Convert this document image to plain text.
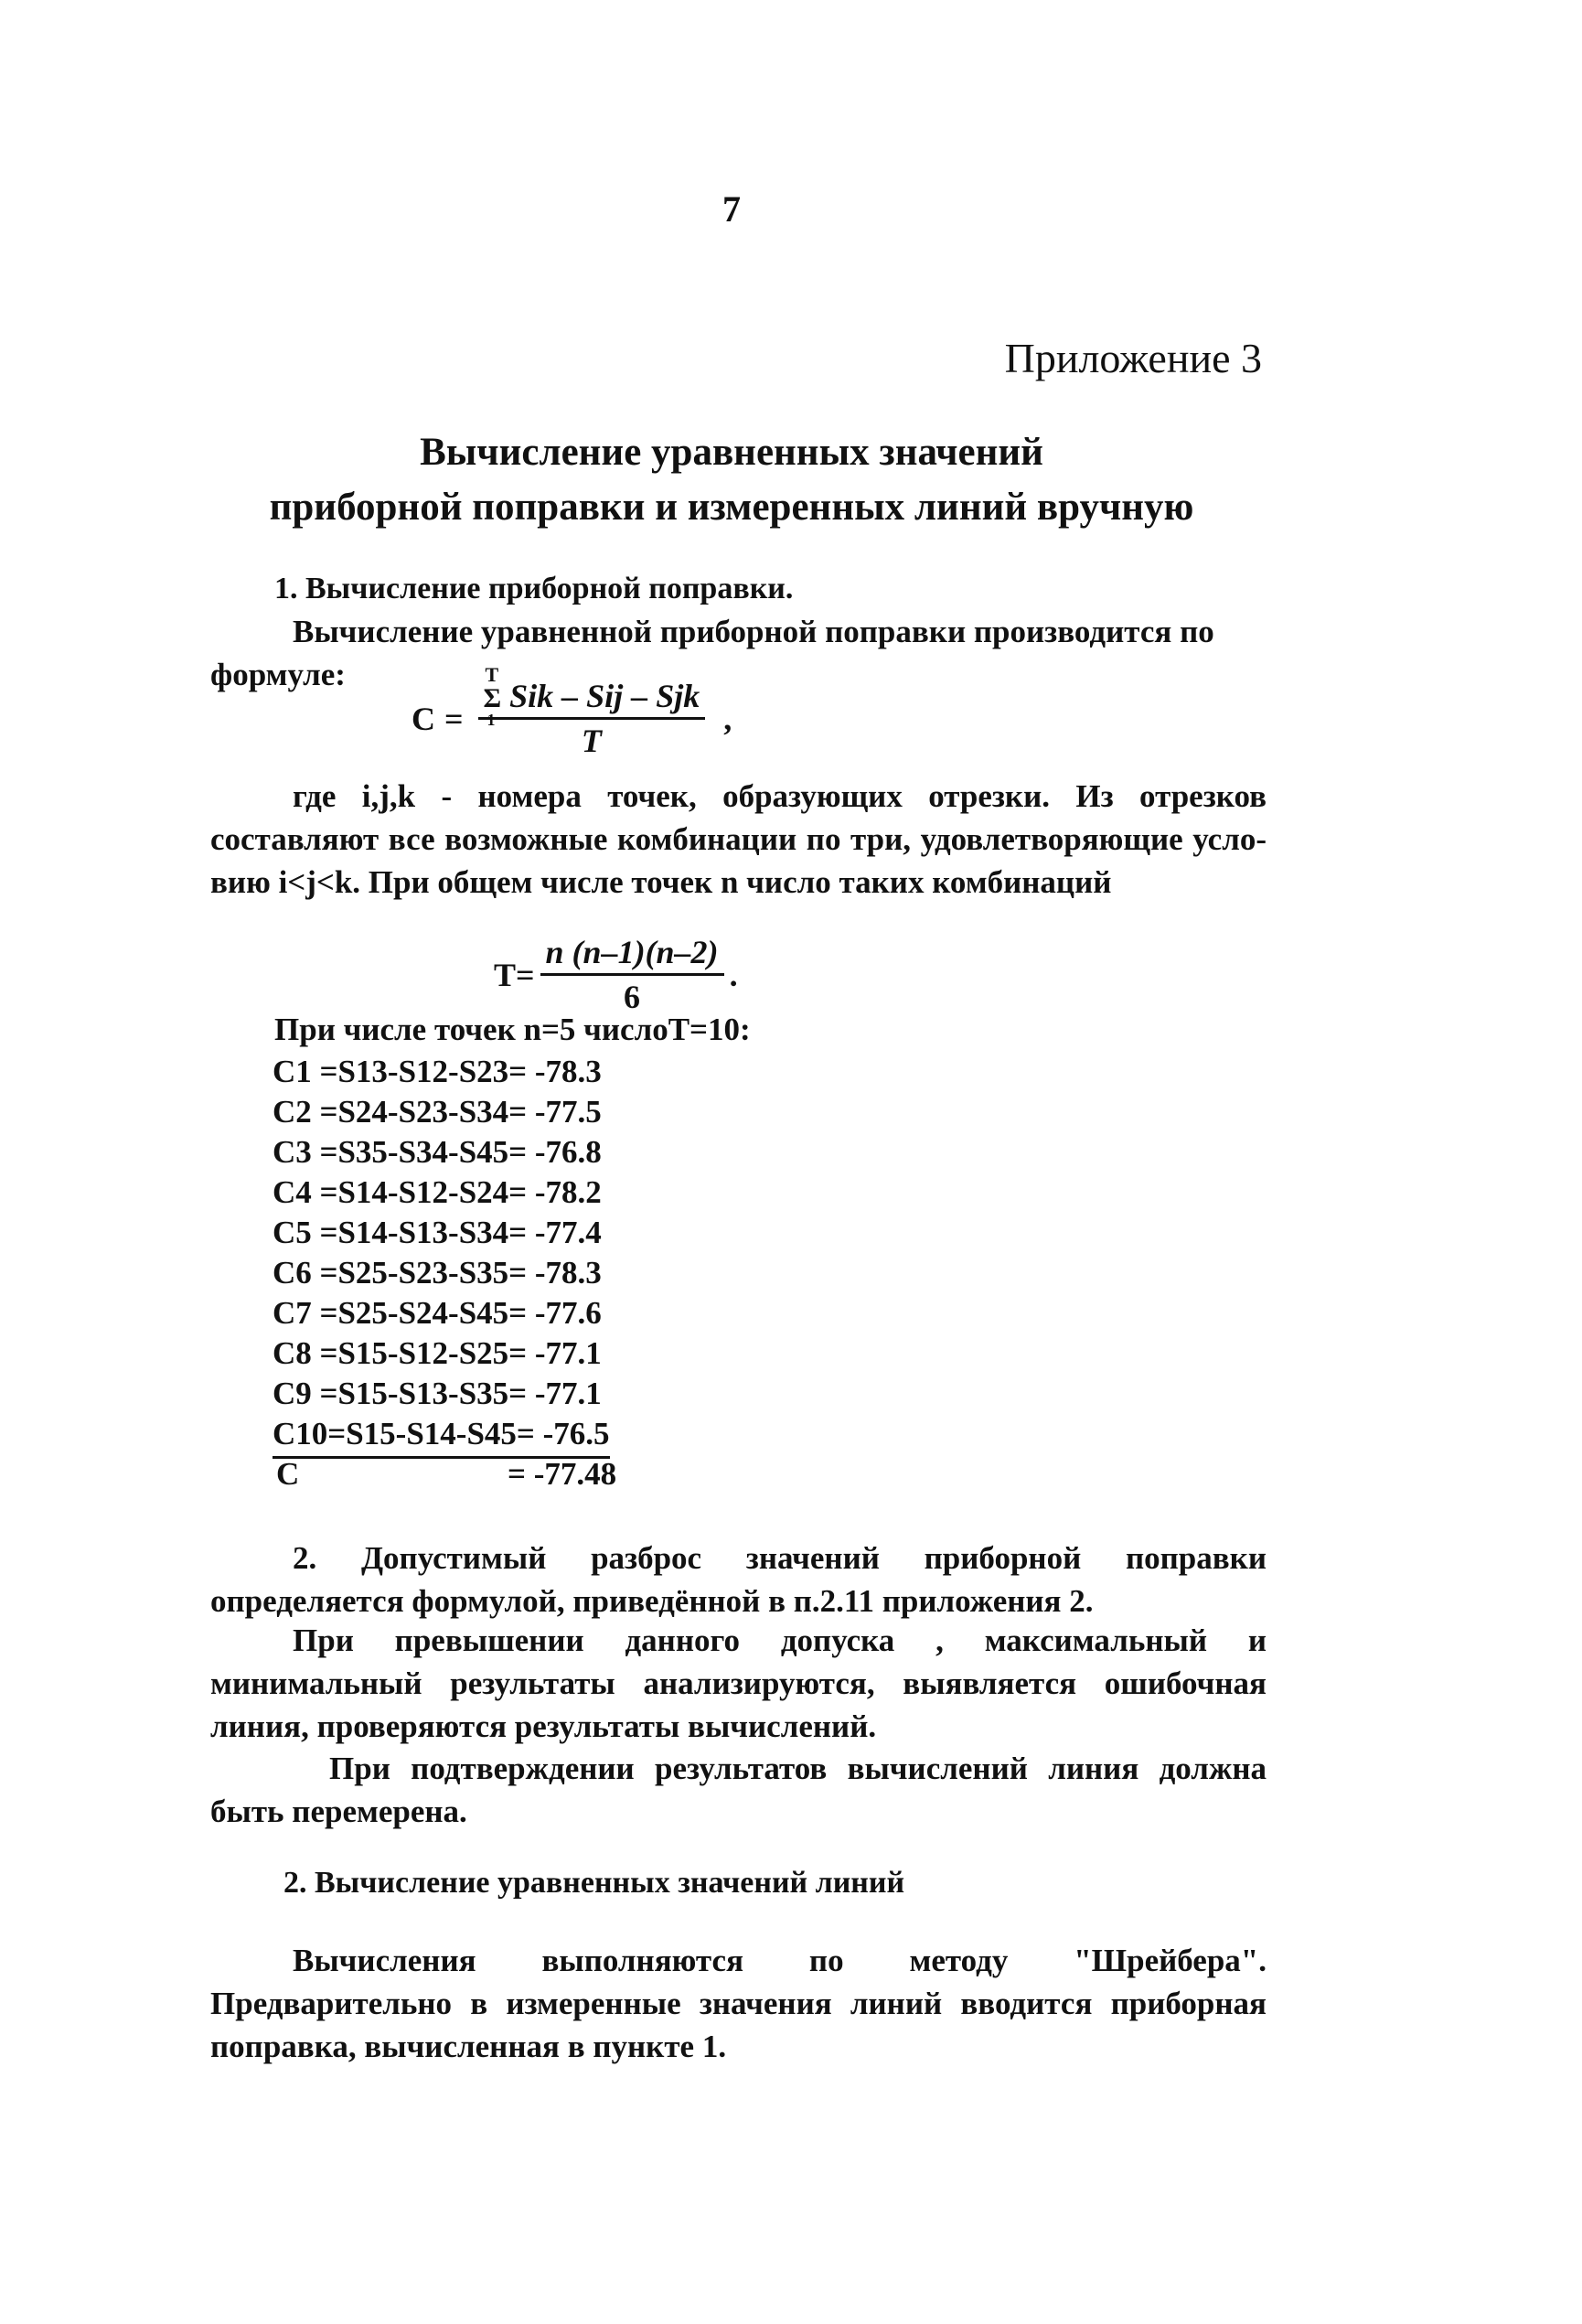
7
Приложение 3
Вычисление уравненных значений
приборной поправки и измеренных линий вручную
1. Вычисление приборной поправки.
Вычисление уравненной приборной поправки производится по
формуле:
С = Σ
T
1
Sik – Sij – Sjk
T ,
где i,j,k - номера точек, образующих отрезки. Из отрезков составляют все возможные комбинации по три, удовлетворяющие усло-вию i<j<k. При общем числе точек n число таких комбинаций
$T= \frac{n (n-1)(n-2)}{6}$ .
При числе точек n=5 числоТ=10:
C1 =S13-S12-S23= -78.3
C2 =S24-S23-S34= -77.5
C3 =S35-S34-S45= -76.8
C4 =S14-S12-S24= -78.2
C5 =S14-S13-S34= -77.4
C6 =S25-S23-S35= -78.3
C7 =S25-S24-S45= -77.6
C8 =S15-S12-S25= -77.1
C9 =S15-S13-S35= -77.1
C10=S15-S14-S45= -76.5
C	= -77.48
2. Допустимый разброс значений приборной поправки определяется формулой, приведённой в п.2.11 приложения 2.
При превышении данного допуска , максимальный и минимальный результаты анализируются, выявляется ошибочная линия, проверяются результаты вычислений.
При подтверждении результатов вычислений линия должна быть перемерена.
2. Вычисление уравненных значений линий
Вычисления выполняются по методу "Шрейбера". Предварительно в измеренные значения линий вводится приборная поправка, вычисленная в пункте 1.
